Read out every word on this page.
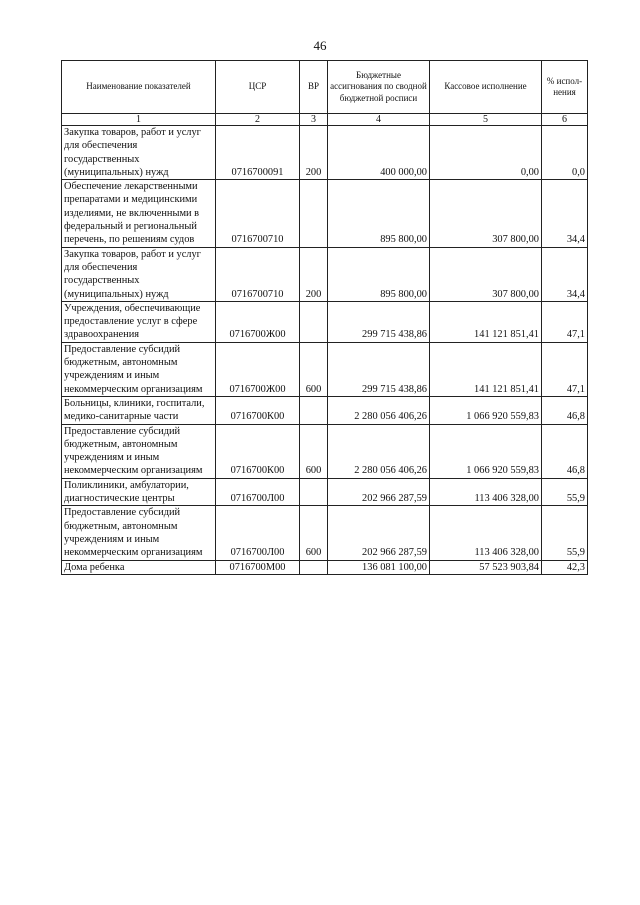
46
Наименование показателей	ЦСР	ВР	Бюджетные ассигнования по сводной бюджетной росписи	Кассовое исполнение	% испол-нения
1	2	3	4	5	6
Закупка товаров, работ и услуг для обеспечения государственных (муниципальных) нужд	0716700091	200	400 000,00	0,00	0,0
Обеспечение лекарственными препаратами и медицинскими изделиями, не включенными в федеральный и региональный перечень, по решениям судов	0716700710		895 800,00	307 800,00	34,4
Закупка товаров, работ и услуг для обеспечения государственных (муниципальных) нужд	0716700710	200	895 800,00	307 800,00	34,4
Учреждения, обеспечивающие предоставление услуг в сфере здравоохранения	0716700Ж00		299 715 438,86	141 121 851,41	47,1
Предоставление субсидий бюджетным, автономным учреждениям и иным некоммерческим организациям	0716700Ж00	600	299 715 438,86	141 121 851,41	47,1
Больницы, клиники, госпитали, медико-санитарные части	0716700К00		2 280 056 406,26	1 066 920 559,83	46,8
Предоставление субсидий бюджетным, автономным учреждениям и иным некоммерческим организациям	0716700К00	600	2 280 056 406,26	1 066 920 559,83	46,8
Поликлиники, амбулатории, диагностические центры	0716700Л00		202 966 287,59	113 406 328,00	55,9
Предоставление субсидий бюджетным, автономным учреждениям и иным некоммерческим организациям	0716700Л00	600	202 966 287,59	113 406 328,00	55,9
Дома ребенка	0716700М00		136 081 100,00	57 523 903,84	42,3
